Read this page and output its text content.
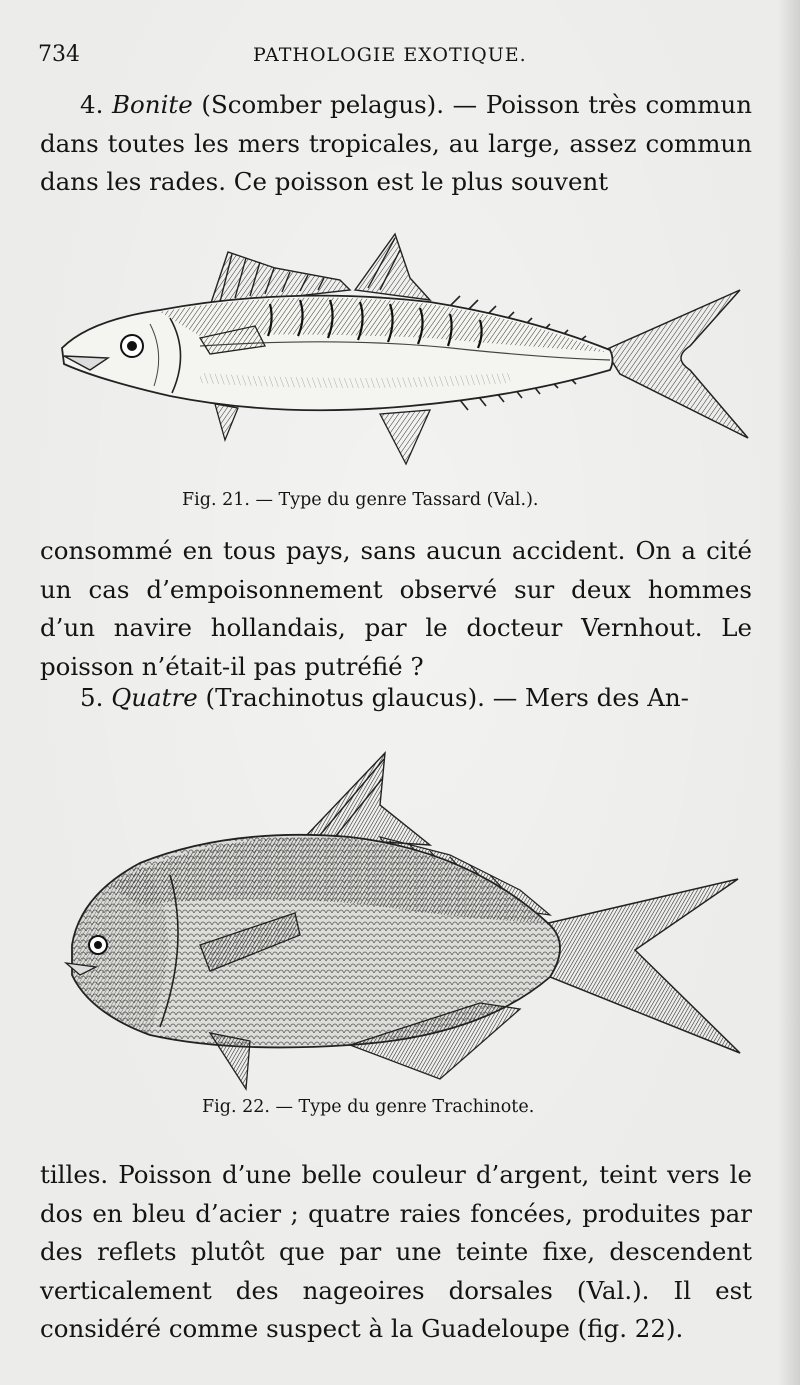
734	PATHOLOGIE EXOTIQUE.
4. Bonite (Scomber pelagus). — Poisson très commun dans toutes les mers tropicales, au large, assez commun dans les rades. Ce poisson est le plus souvent
Fig. 21. — Type du genre Tassard (Val.).
consommé en tous pays, sans aucun accident. On a cité un cas d’empoisonnement observé sur deux hommes d’un navire hollandais, par le docteur Vernhout. Le poisson n’était-il pas putréfié ?
5. Quatre (Trachinotus glaucus). — Mers des An-
Fig. 22. — Type du genre Trachinote.
tilles. Poisson d’une belle couleur d’argent, teint vers le dos en bleu d’acier ; quatre raies foncées, produites par des reflets plutôt que par une teinte fixe, descendent verticalement des nageoires dorsales (Val.). Il est considéré comme suspect à la Guadeloupe (fig. 22).
